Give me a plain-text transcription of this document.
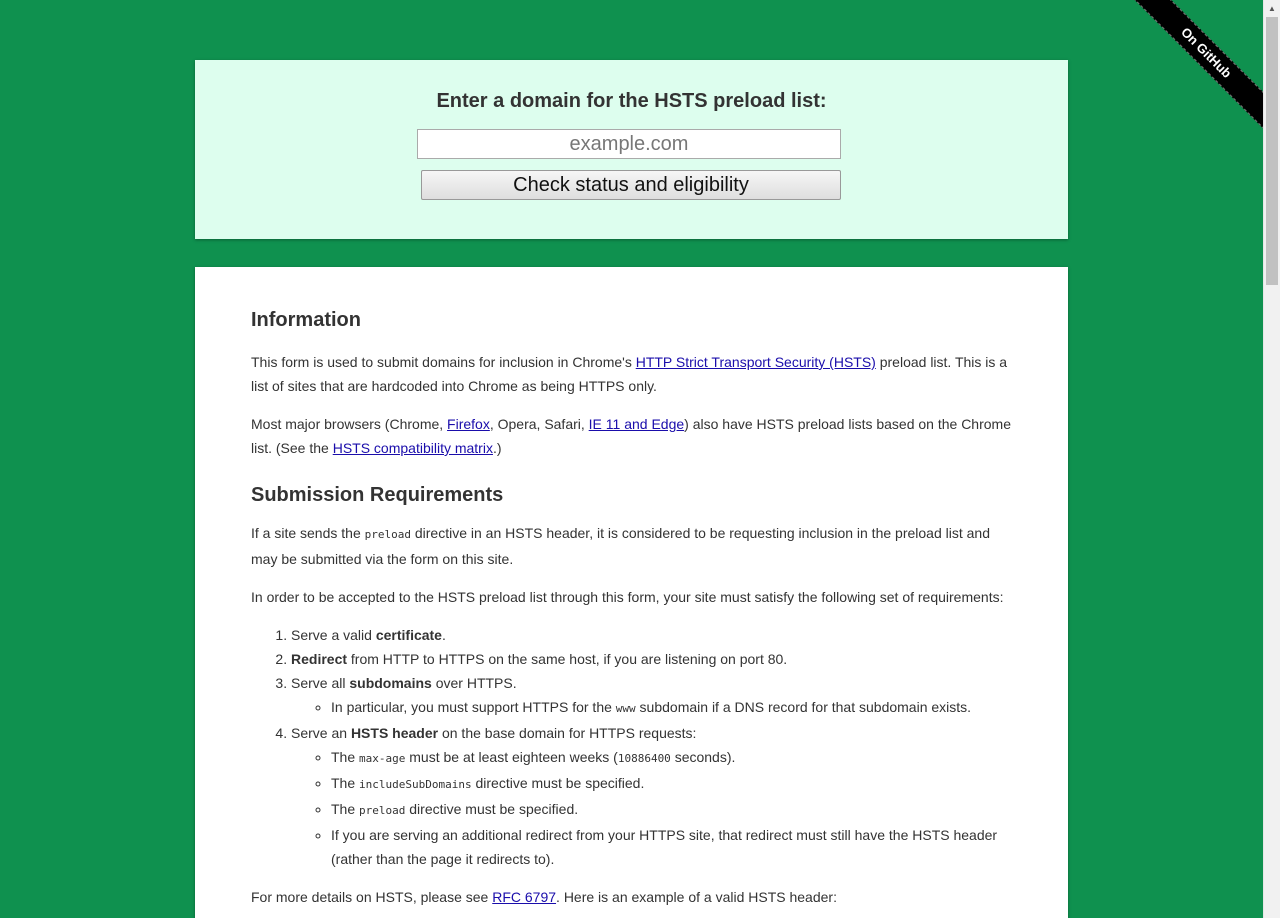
On GitHub
Enter a domain for the HSTS preload list:
example.com
Check status and eligibility
Information

This form is used to submit domains for inclusion in Chrome's HTTP Strict Transport Security (HSTS) preload list. This is a list of sites that are hardcoded into Chrome as being HTTPS only.

Most major browsers (Chrome, Firefox, Opera, Safari, IE 11 and Edge) also have HSTS preload lists based on the Chrome list. (See the HSTS compatibility matrix.)

Submission Requirements

If a site sends the preload directive in an HSTS header, it is considered to be requesting inclusion in the preload list and may be submitted via the form on this site.

In order to be accepted to the HSTS preload list through this form, your site must satisfy the following set of requirements:

1. Serve a valid certificate.
2. Redirect from HTTP to HTTPS on the same host, if you are listening on port 80.
3. Serve all subdomains over HTTPS.
◦ In particular, you must support HTTPS for the www subdomain if a DNS record for that subdomain exists.
4. Serve an HSTS header on the base domain for HTTPS requests:
◦ The max-age must be at least eighteen weeks (10886400 seconds).
◦ The includeSubDomains directive must be specified.
◦ The preload directive must be specified.
◦ If you are serving an additional redirect from your HTTPS site, that redirect must still have the HSTS header (rather than the page it redirects to).

For more details on HSTS, please see RFC 6797. Here is an example of a valid HSTS header:

▲
